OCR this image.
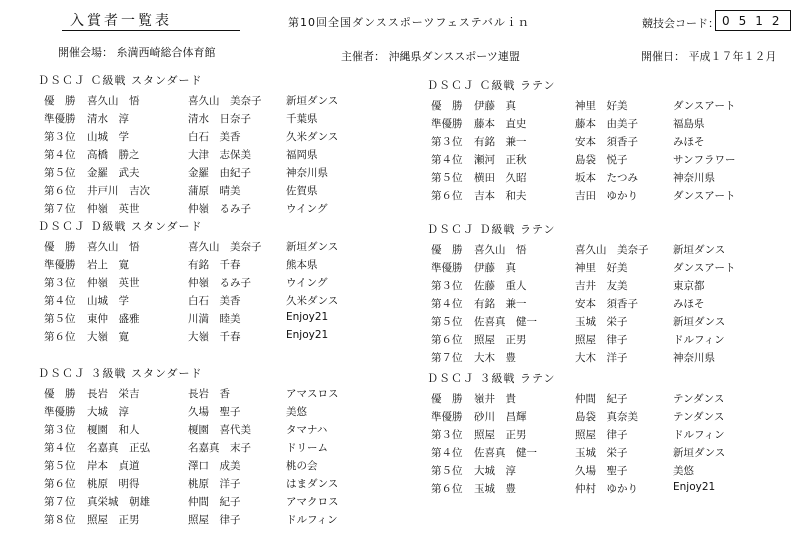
入賞者一覧表	第10回全国ダンススポーツフェステバルｉｎ	競技会コード： 0512
開催会場： 糸満西崎総合体育館	主催者： 沖縄県ダンススポーツ連盟	開催日： 平成１７年１２月
ＤＳＣＪ Ｃ級戦 スタンダード
優　勝 喜久山　悟	喜久山　美奈子 新垣ダンス
準優勝 清水　淳	清水　日奈子	千葉県
第３位 山城　学	白石　美香	久米ダンス
第４位 高橋　勝之	大津　志保美	福岡県
第５位 金羅　武夫	金羅　由紀子	神奈川県
第６位 井戸川　吉次	蒲原　晴美	佐賀県
第７位 仲嶺　英世	仲嶺　るみ子	ウイング
ＤＳＣＪ Ｄ級戦 スタンダード
優　勝 喜久山　悟	喜久山　美奈子 新垣ダンス
準優勝 岩上　寛	有銘　千春	熊本県
第３位 仲嶺　英世	仲嶺　るみ子	ウイング
第４位 山城　学	白石　美香	久米ダンス
第５位 東仲　盛雅	川満　睦美	Enjoy21
第６位 大嶺　寛	大嶺　千春	Enjoy21
ＤＳＣＪ ３級戦 スタンダード
優　勝 長岩　栄吉	長岩　香	アマスロス
準優勝 大城　淳	久場　聖子	美悠
第３位 榎園　和人	榎園　喜代美	タマナハ
第４位 名嘉真　正弘	名嘉真　末子	ドリーム
第５位 岸本　貞道	澤口　成美	桃の会
第６位 桃原　明得	桃原　洋子	はまダンス
第７位 真栄城　朝雄	仲間　紀子	アマクロス
第８位 照屋　正男	照屋　律子	ドルフィン
ＤＳＣＪ Ｃ級戦 ラテン
優　勝 伊藤　真	神里　好美	ダンスアート
準優勝 藤本　直史	藤本　由美子	福島県
第３位 有銘　兼一	安本　須香子	みほそ
第４位 瀬河　正秋	島袋　悦子	サンフラワー
第５位 横田　久昭	坂本　たつみ	神奈川県
第６位 吉本　和夫	吉田　ゆかり	ダンスアート
ＤＳＣＪ Ｄ級戦 ラテン
優　勝 喜久山　悟	喜久山　美奈子 新垣ダンス
準優勝 伊藤　真	神里　好美	ダンスアート
第３位 佐藤　重人	吉井　友美	東京都
第４位 有銘　兼一	安本　須香子	みほそ
第５位 佐喜真　健一	玉城　栄子	新垣ダンス
第６位 照屋　正男	照屋　律子	ドルフィン
第７位 大木　豊	大木　洋子	神奈川県
ＤＳＣＪ ３級戦 ラテン
優　勝 嶺井　貴	仲間　紀子	テンダンス
準優勝 砂川　昌輝	島袋　真奈美	テンダンス
第３位 照屋　正男	照屋　律子	ドルフィン
第４位 佐喜真　健一	玉城　栄子	新垣ダンス
第５位 大城　淳	久場　聖子	美悠
第６位 玉城　豊	仲村　ゆかり	Enjoy21
